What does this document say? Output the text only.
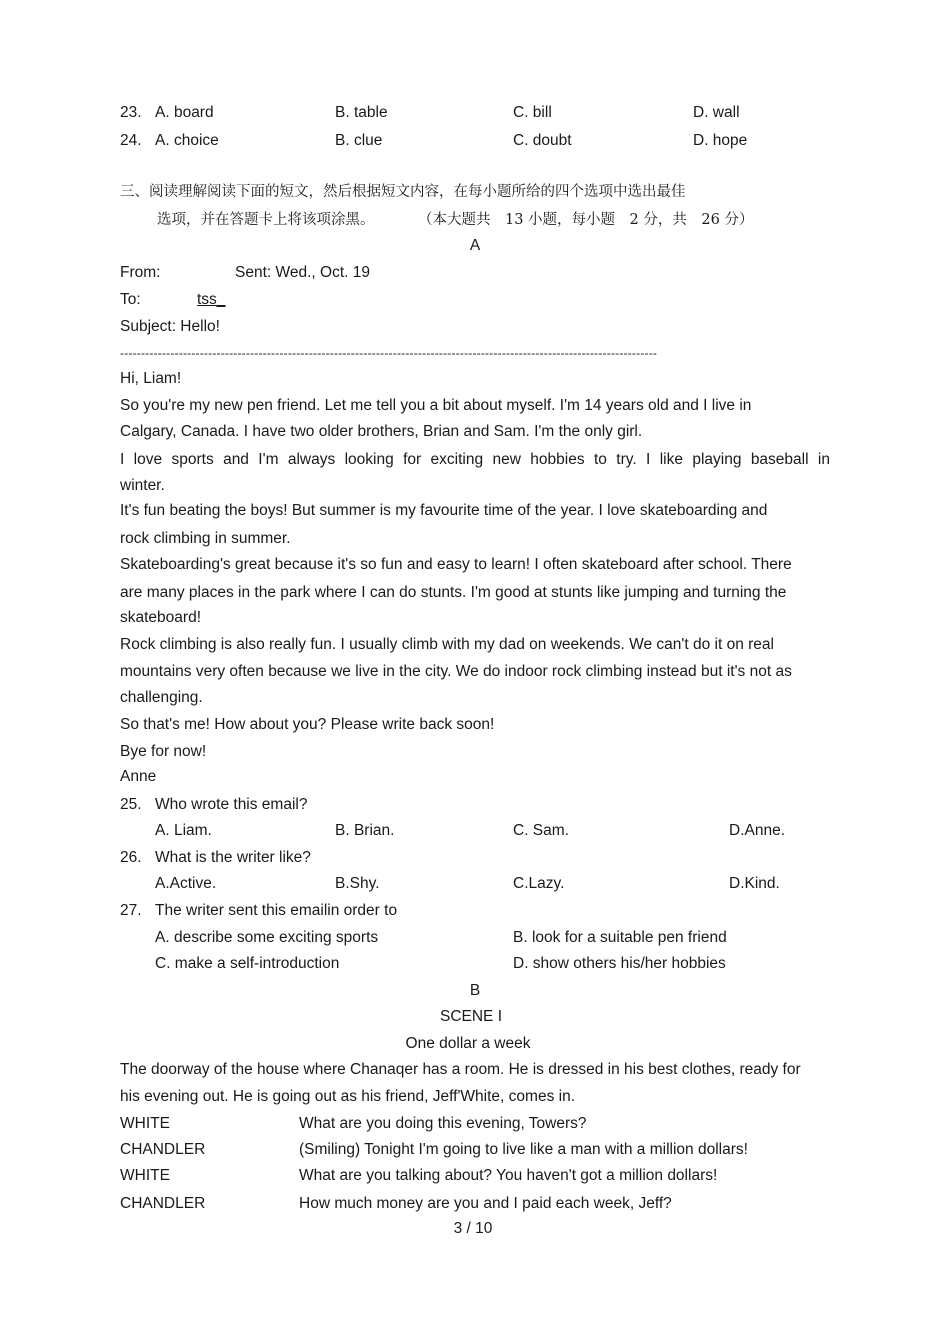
23. A. board	B. table	C. bill	D. wall
24. A. choice	B. clue	C. doubt	D. hope
三、阅读理解阅读下面的短文，然后根据短文内容，在每小题所给的四个选项中选出最佳
选项，并在答题卡上将该项涂黑。	（本大题共　13 小题，每小题　2 分，共　26 分）
A
From:	Sent: Wed., Oct. 19
To:	tss_
Subject: Hello!
--------------------------------------------------------------------------------------------------------------------------------
Hi, Liam!
So you're my new pen friend. Let me tell you a bit about myself. I'm 14 years old and I live in
Calgary, Canada. I have two older brothers, Brian and Sam. I'm the only girl.
I love sports and I'm always looking for exciting new hobbies to try. I like playing baseball in
winter.
It's fun beating the boys! But summer is my favourite time of the year. I love skateboarding and
rock climbing in summer.
Skateboarding's great because it's so fun and easy to learn! I often skateboard after school. There
are many places in the park where I can do stunts. I'm good at stunts like jumping and turning the
skateboard!
Rock climbing is also really fun. I usually climb with my dad on weekends. We can't do it on real
mountains very often because we live in the city. We do indoor rock climbing instead but it's not as
challenging.
So that's me! How about you? Please write back soon!
Bye for now!
Anne
25. Who wrote this email?
A. Liam.	B. Brian.	C. Sam.	D.Anne.
26. What is the writer like?
A.Active.	B.Shy.	C.Lazy.	D.Kind.
27. The writer sent this emailin order to
A. describe some exciting sports	B. look for a suitable pen friend
C. make a self-introduction	D. show others his/her hobbies
B
SCENE I
One dollar a week
The doorway of the house where Chanaqer has a room. He is dressed in his best clothes, ready for
his evening out. He is going out as his friend, Jeff'White, comes in.
WHITE	What are you doing this evening, Towers?
CHANDLER	(Smiling) Tonight I'm going to live like a man with a million dollars!
WHITE	What are you talking about? You haven't got a million dollars!
CHANDLER	How much money are you and I paid each week, Jeff?
3 / 10
